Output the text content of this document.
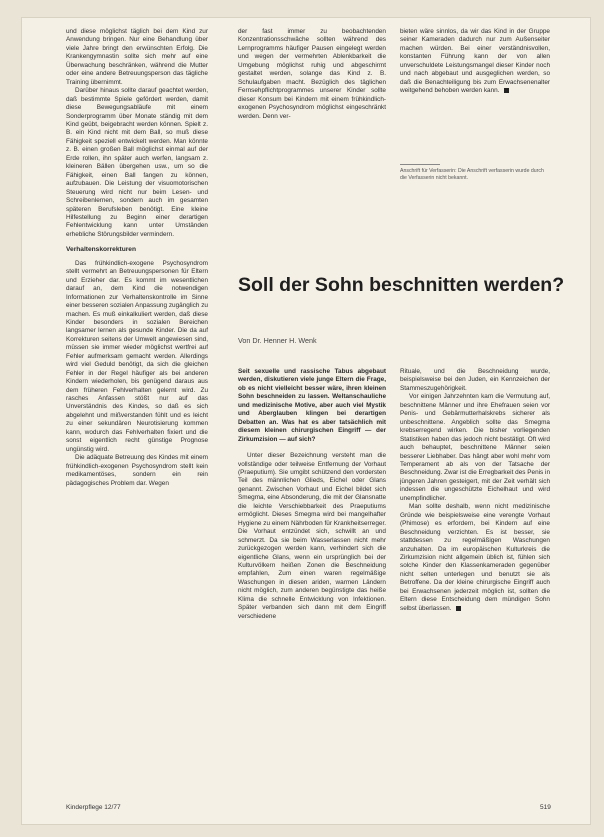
und diese möglichst täglich bei dem Kind zur Anwendung bringen. Nur eine Behandlung über viele Jahre bringt den erwünschten Erfolg. Die Krankengymnastin sollte sich mehr auf eine Überwachung beschränken, während die Mutter oder eine andere Betreuungsperson das tägliche Training übernimmt.

Darüber hinaus sollte darauf geachtet werden, daß bestimmte Spiele gefördert werden, damit diese Bewegungsabläufe mit einem Sonderprogramm über Monate ständig mit dem Kind geübt, beigebracht werden können. Spielt z. B. ein Kind nicht mit dem Ball, so muß diese Fähigkeit speziell entwickelt werden. Man könnte z. B. einen großen Ball möglichst einmal auf der Erde rollen, ihn später auch werfen, langsam z. kleineren Bällen übergehen usw., um so die Fähigkeit, einen Ball fangen zu können, aufzubauen. Die Leistung der visuomotorischen Steuerung wird nicht nur beim Lesen- und Schreibenlernen, sondern auch im gesamten späteren Berufsleben benötigt. Eine kleine Hilfestellung zu Beginn einer derartigen Fehlentwicklung kann unter Umständen erhebliche Störungsbilder vermindern.

Verhaltenskorrekturen

Das frühkindlich-exogene Psychosyndrom stellt vermehrt an Betreuungspersonen für Eltern und Erzieher dar. Es kommt im wesentlichen darauf an, dem Kind die notwendigen Informationen zur Verhaltenskontrolle im Sinne einer besseren sozialen Anpassung zugänglich zu machen. Es muß einkalkuliert werden, daß diese Kinder besonders in sozialen Bereichen langsamer lernen als gesunde Kinder. Die da auf Korrekturen seitens der Umwelt angewiesen sind, müssen sie immer wieder möglichst wertfrei auf Fehler aufmerksam gemacht werden. Allerdings wird viel Geduld benötigt, da sich die gleichen Fehler in der Regel häufiger als bei anderen Kindern wiederholen, bis genügend daraus aus dem früheren Fehlverhalten gelernt wird. Zu rasches Anfassen stößt nur auf das Unverständnis des Kindes, so daß es sich abgelehnt und mißverstanden fühlt und es leicht zu einer sekundären Neurotisierung kommen kann, wodurch das Fehlverhalten fixiert und die sonst eigentlich recht günstige Prognose ungünstig wird.

Die adäquate Betreuung des Kindes mit einem frühkindlich-exogenen Psychosyndrom stellt kein medikamentöses, sondern ein rein pädagogisches Problem dar. Wegen

der fast immer zu beobachtenden Konzentrationsschwäche sollten während des Lernprogramms häufiger Pausen eingelegt werden und wegen der vermehrten Ablenkbarkeit die Umgebung möglichst ruhig und abgeschirmt gestaltet werden, solange das Kind z. B. Schulaufgaben macht. Bezüglich des täglichen Fernsehpflichtprogrammes unserer Kinder sollte dieser Konsum bei Kindern mit einem frühkindlich-exogenen Psychosyndrom möglichst eingeschränkt werden. Denn ver-

bieten wäre sinnlos, da wir das Kind in der Gruppe seiner Kameraden dadurch nur zum Außenseiter machen würden. Bei einer verständnisvollen, konstanten Führung kann der von allen unverschuldete Leistungsmangel dieser Kinder noch und nach abgebaut und ausgeglichen werden, so daß die Benachteiligung bis zum Erwachsenenalter weitgehend behoben werden kann.

Anschrift für Verfasserin: Die Anschrift verfasserin wurde durch die Verfasserin nicht bekannt.
Soll der Sohn beschnitten werden?
Von Dr. Henner H. Wenk

Seit sexuelle und rassische Tabus abgebaut werden, diskutieren viele junge Eltern die Frage, ob es nicht vielleicht besser wäre, ihren kleinen Sohn beschneiden zu lassen. Weltanschauliche und medizinische Motive, aber auch viel Mystik und Aberglauben klingen bei derartigen Debatten an. Was hat es aber tatsächlich mit diesem kleinen chirurgischen Eingriff — der Zirkumzision — auf sich?

Unter dieser Bezeichnung versteht man die vollständige oder teilweise Entfernung der Vorhaut (Praeputium). Sie umgibt schützend den vordersten Teil des männlichen Glieds, Eichel oder Glans genannt. Zwischen Vorhaut und Eichel bildet sich Smegma, eine Absonderung, die mit der Glansnatte die leichte Verschiebbarkeit des Praeputiums ermöglicht. Dieses Smegma wird bei mangelhafter Hygiene zu einem Nährboden für Krankheitserreger. Die Vorhaut entzündet sich, schwillt an und schmerzt. Da sie beim Wasserlassen nicht mehr zurückgezogen werden kann, verhindert sich die eigentliche Glans, wenn ein ursprünglich bei der Kulturvölkern heißen Zonen die Beschneidung empfahlen, Zum einen waren regelmäßige Waschungen in diesen ariden, warmen Ländern nicht möglich, zum anderen begünstigte das heiße Klima die schnelle Entwicklung von Infektionen. Später verbanden sich dann mit dem Eingriff verschiedene

Rituale, und die Beschneidung wurde, beispielsweise bei den Juden, ein Kennzeichen der Stammeszugehörigkeit.

Vor einigen Jahrzehnten kam die Vermutung auf, beschnittene Männer und ihre Ehefrauen seien vor Penis- und Gebärmutterhalskrebs sicherer als unbeschnittene. Angeblich sollte das Smegma krebserregend wirken. Die bisher vorliegenden Statistiken haben das jedoch nicht bestätigt. Oft wird auch behauptet, beschnittene Männer seien besserer Liebhaber. Das hängt aber wohl mehr vom Temperament ab als von der Tatsache der Beschneidung. Zwar ist die Erregbarkeit des Penis in jüngeren Jahren gesteigert, mit der Zeit verhält sich indessen die ungeschützte Eichelhaut und wird unempfindlicher.

Man sollte deshalb, wenn nicht medizinische Gründe wie beispielsweise eine verengte Vorhaut (Phimose) es erfordern, bei Kindern auf eine Beschneidung verzichten. Es ist besser, sie stattdessen zu regelmäßigen Waschungen anzuhalten. Da im europäischen Kulturkreis die Zirkumzision nicht allgemein üblich ist, fühlen sich solche Kinder den Klassenkameraden gegenüber nicht selten unterlegen und benutzt sie als Betroffene. Da der kleine chirurgische Eingriff auch bei Erwachsenen jederzeit möglich ist, sollten die Eltern diese Entscheidung dem mündigen Sohn selbst überlassen.

Kinderpflege 12/77	519
